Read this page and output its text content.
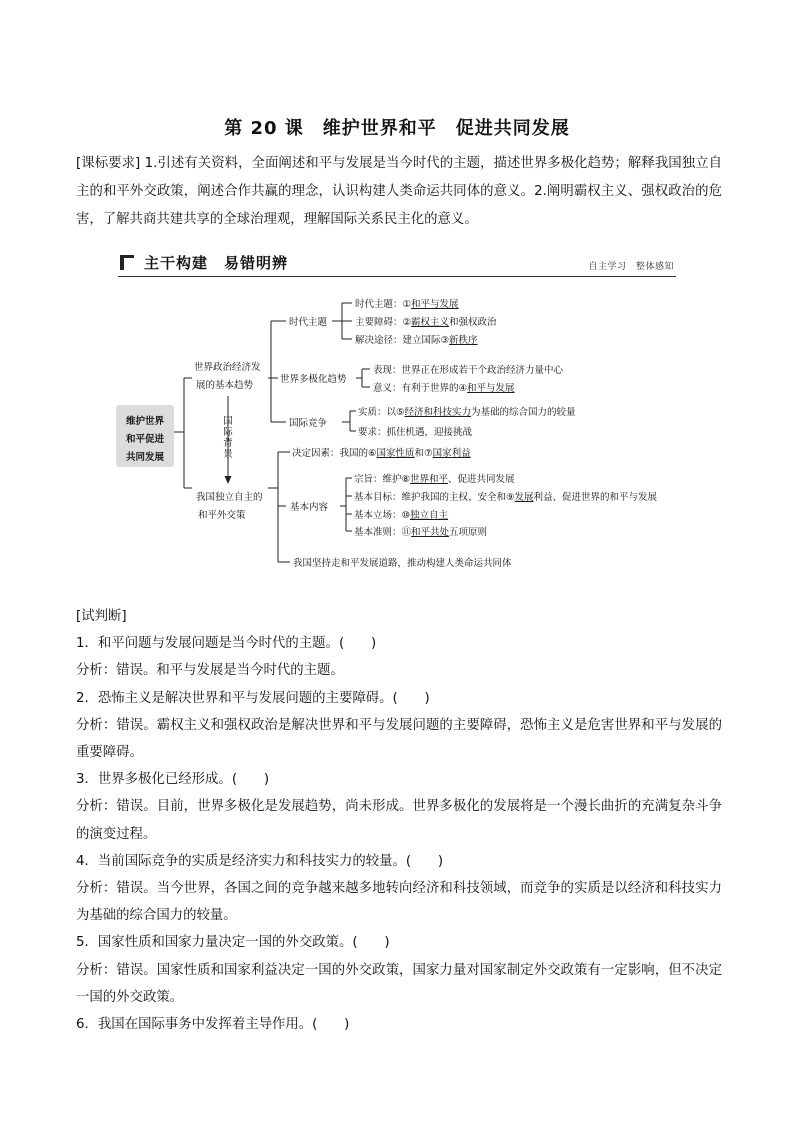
第 20 课　维护世界和平　促进共同发展
[课标要求] 1.引述有关资料，全面阐述和平与发展是当今时代的主题，描述世界多极化趋势；解释我国独立自主的和平外交政策，阐述合作共赢的理念，认识构建人类命运共同体的意义。2.阐明霸权主义、强权政治的危害，了解共商共建共享的全球治理观，理解国际关系民主化的意义。
主干构建　易错明辨	自主学习　整体感知
维护世界
和平促进
共同发展
世界政治经济发
展的基本趋势
我国独立自主的
和平外交策
国
际
背
景
时代主题
世界多极化趋势
国际竞争
基本内容
时代主题：①和平与发展
主要障碍：②霸权主义和强权政治
解决途径：建立国际③新秩序
表现：世界正在形成若干个政治经济力量中心
意义：有利于世界的④和平与发展
实质：以⑤经济和科技实力为基础的综合国力的较量
要求：抓住机遇，迎接挑战
决定因素：我国的⑥国家性质和⑦国家利益
宗旨：维护⑧世界和平、促进共同发展
基本目标：维护我国的主权、安全和⑨发展利益、促进世界的和平与发展
基本立场：⑩独立自主
基本准则：⑪和平共处五项原则
我国坚持走和平发展道路，推动构建人类命运共同体

[试判断]

1．和平问题与发展问题是当今时代的主题。(　　)

分析：错误。和平与发展是当今时代的主题。

2．恐怖主义是解决世界和平与发展问题的主要障碍。(　　)

分析：错误。霸权主义和强权政治是解决世界和平与发展问题的主要障碍，恐怖主义是危害世界和平与发展的重要障碍。

3．世界多极化已经形成。(　　)

分析：错误。目前，世界多极化是发展趋势，尚未形成。世界多极化的发展将是一个漫长曲折的充满复杂斗争的演变过程。

4．当前国际竞争的实质是经济实力和科技实力的较量。(　　)

分析：错误。当今世界，各国之间的竞争越来越多地转向经济和科技领域，而竞争的实质是以经济和科技实力为基础的综合国力的较量。

5．国家性质和国家力量决定一国的外交政策。(　　)

分析：错误。国家性质和国家利益决定一国的外交政策，国家力量对国家制定外交政策有一定影响，但不决定一国的外交政策。

6．我国在国际事务中发挥着主导作用。(　　)
